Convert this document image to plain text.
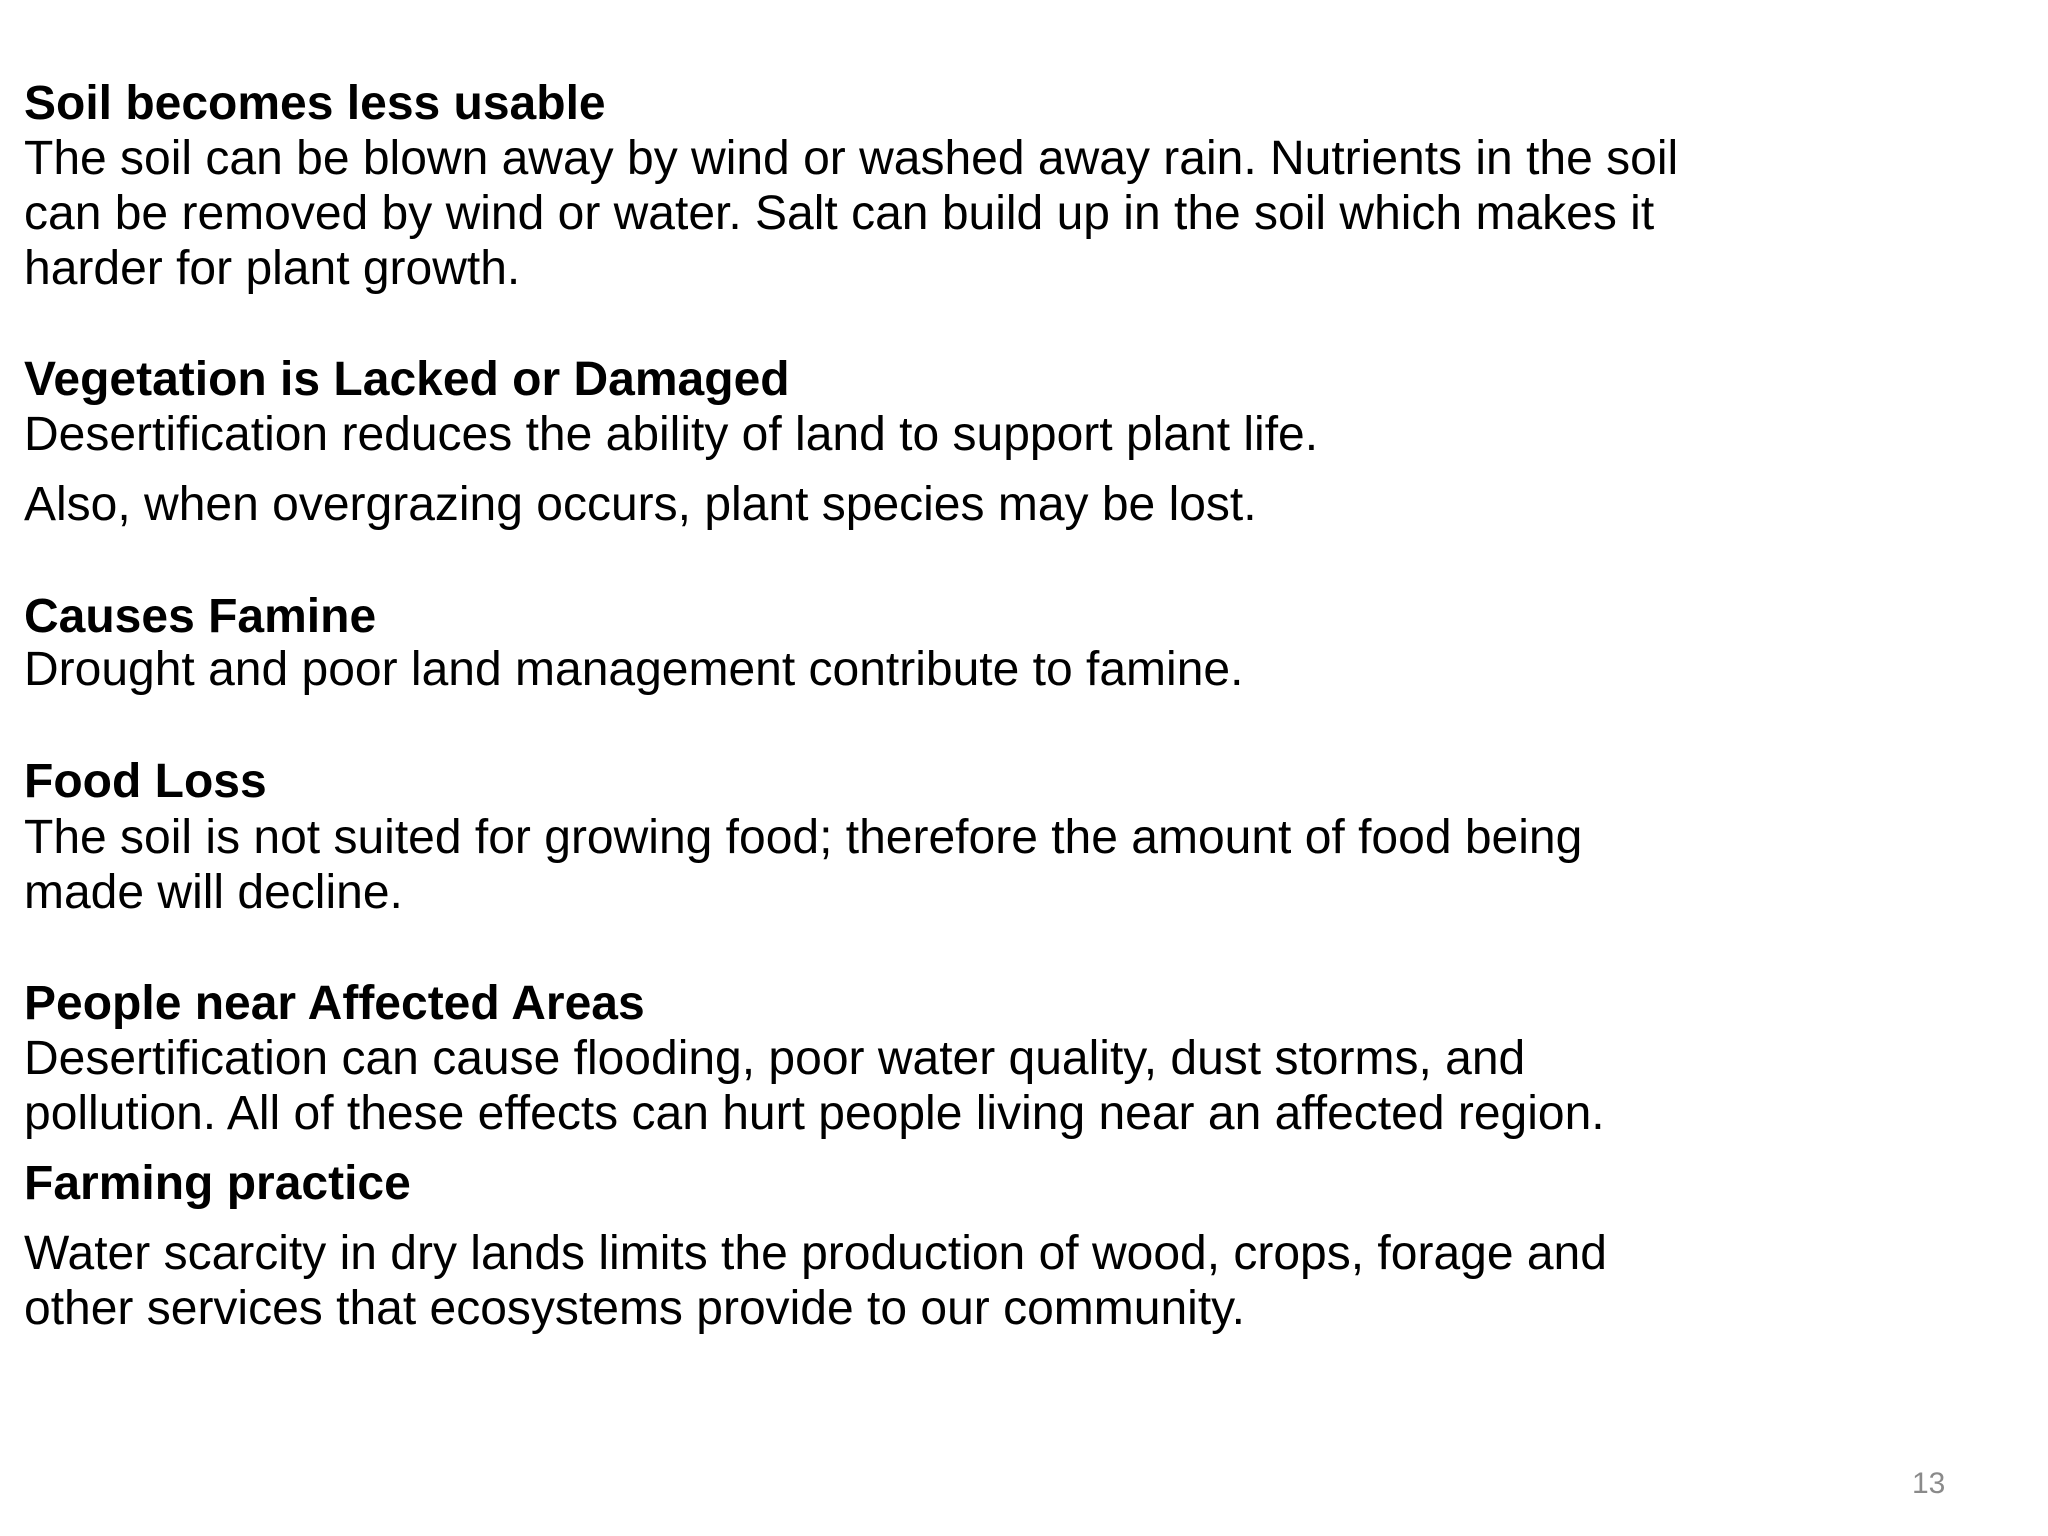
Soil becomes less usable
The soil can be blown away by wind or washed away rain. Nutrients in the soil
can be removed by wind or water. Salt can build up in the soil which makes it
harder for plant growth.
Vegetation is Lacked or Damaged
Desertification reduces the ability of land to support plant life.
Also, when overgrazing occurs, plant species may be lost.
Causes Famine
Drought and poor land management contribute to famine.
Food Loss
The soil is not suited for growing food; therefore the amount of food being
made will decline.
People near Affected Areas
Desertification can cause flooding, poor water quality, dust storms, and
pollution. All of these effects can hurt people living near an affected region.
Farming practice
Water scarcity in dry lands limits the production of wood, crops, forage and
other services that ecosystems provide to our community.
13
